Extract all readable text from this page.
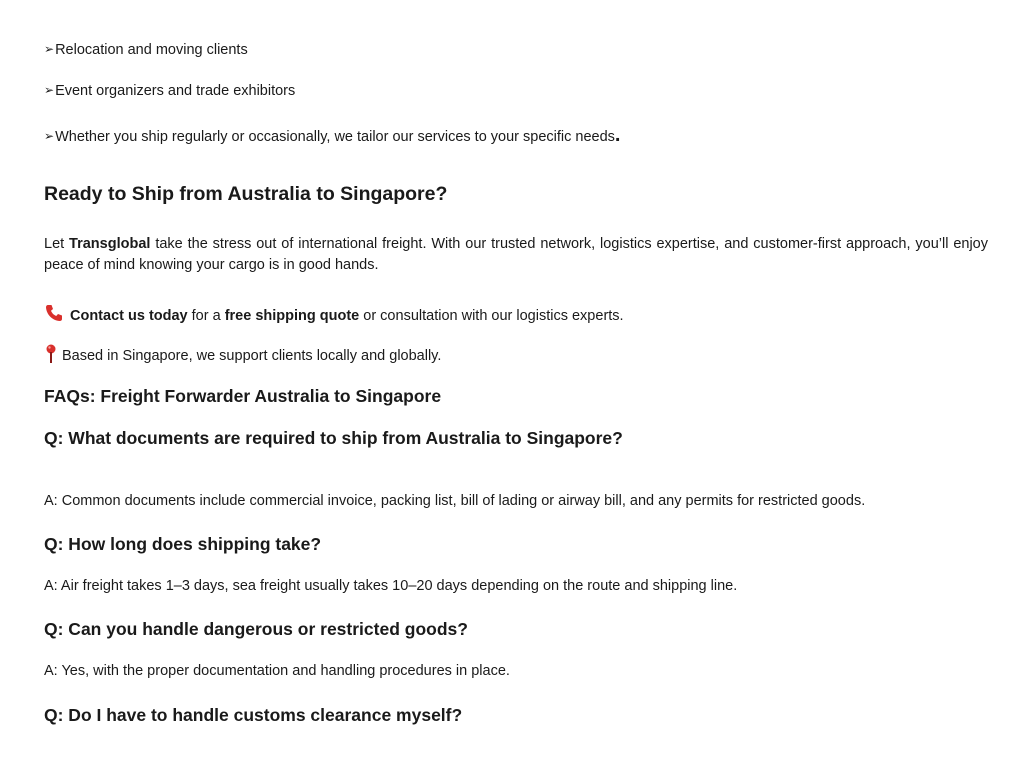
➢Relocation and moving clients
➢Event organizers and trade exhibitors
➢Whether you ship regularly or occasionally, we tailor our services to your specific needs.
Ready to Ship from Australia to Singapore?
Let Transglobal take the stress out of international freight. With our trusted network, logistics expertise, and customer-first approach, you’ll enjoy peace of mind knowing your cargo is in good hands.
Contact us today for a free shipping quote or consultation with our logistics experts.
Based in Singapore, we support clients locally and globally.
FAQs: Freight Forwarder Australia to Singapore
Q: What documents are required to ship from Australia to Singapore?
A: Common documents include commercial invoice, packing list, bill of lading or airway bill, and any permits for restricted goods.
Q: How long does shipping take?
A: Air freight takes 1–3 days, sea freight usually takes 10–20 days depending on the route and shipping line.
Q: Can you handle dangerous or restricted goods?
A: Yes, with the proper documentation and handling procedures in place.
Q: Do I have to handle customs clearance myself?
